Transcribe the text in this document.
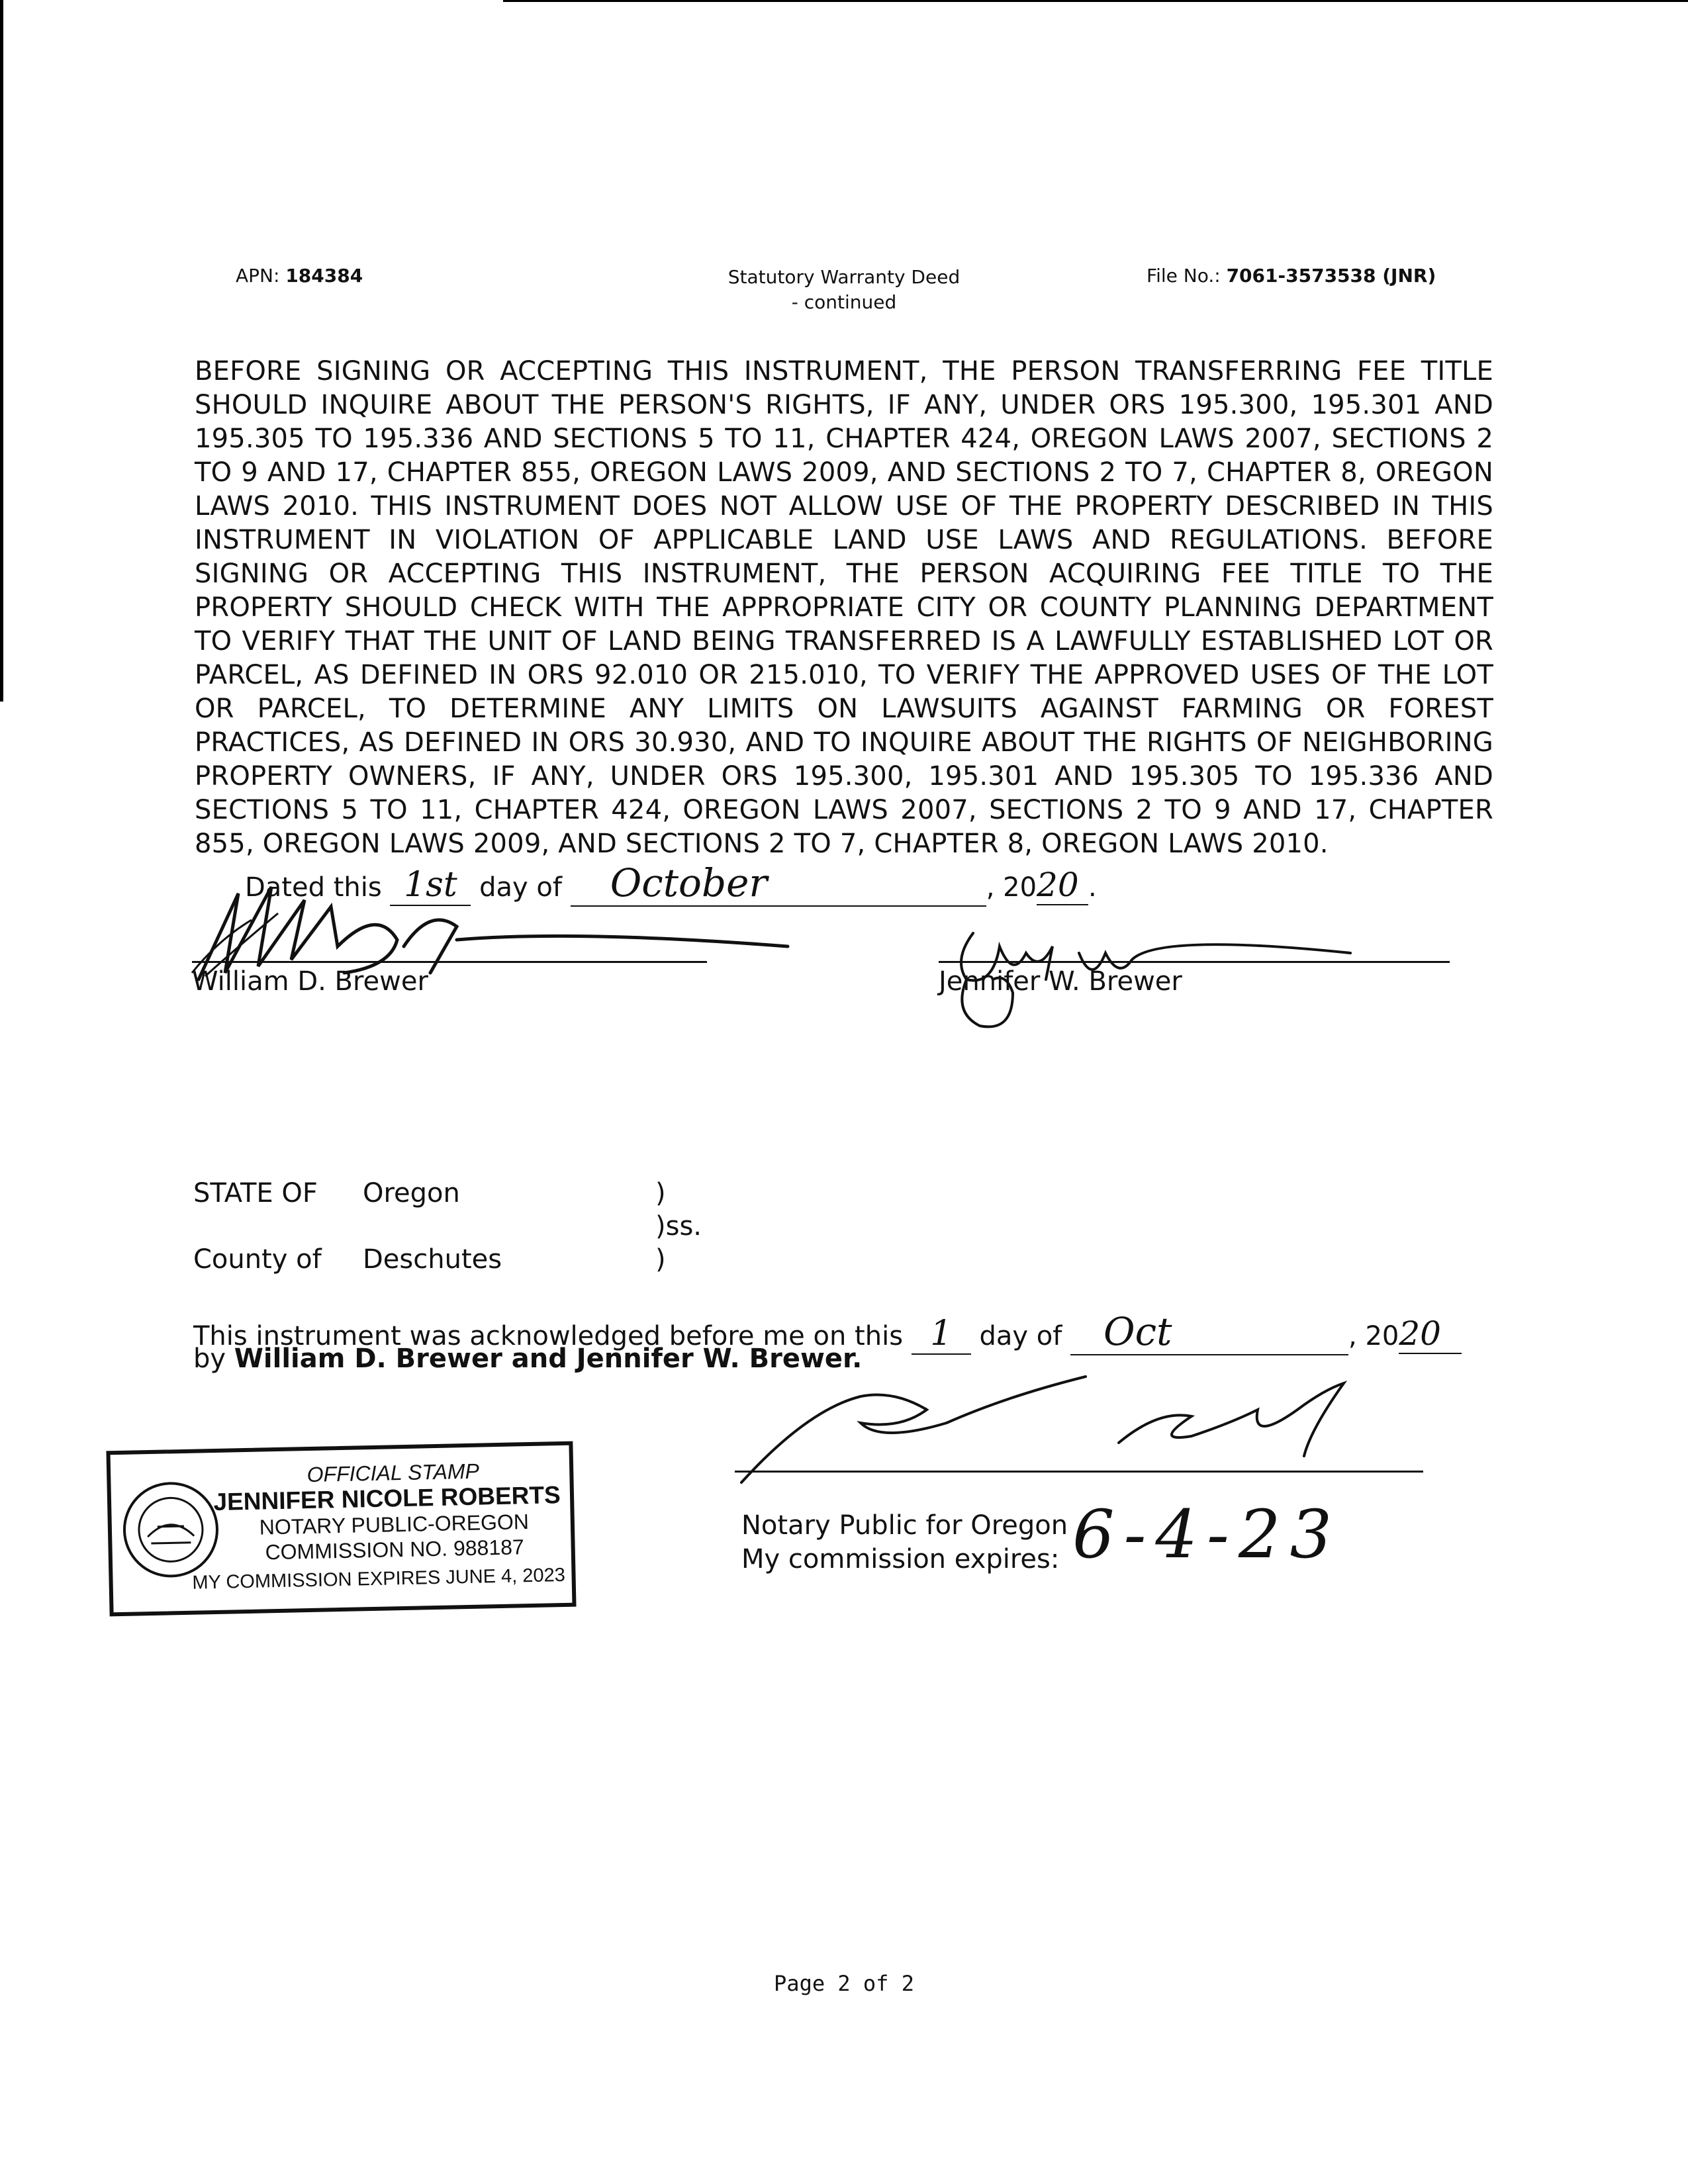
APN: 184384	Statutory Warranty Deed
- continued
File No.: 7061-3573538 (JNR)
BEFORE SIGNING OR ACCEPTING THIS INSTRUMENT, THE PERSON TRANSFERRING FEE TITLE SHOULD INQUIRE ABOUT THE PERSON'S RIGHTS, IF ANY, UNDER ORS 195.300, 195.301 AND 195.305 TO 195.336 AND SECTIONS 5 TO 11, CHAPTER 424, OREGON LAWS 2007, SECTIONS 2 TO 9 AND 17, CHAPTER 855, OREGON LAWS 2009, AND SECTIONS 2 TO 7, CHAPTER 8, OREGON LAWS 2010. THIS INSTRUMENT DOES NOT ALLOW USE OF THE PROPERTY DESCRIBED IN THIS INSTRUMENT IN VIOLATION OF APPLICABLE LAND USE LAWS AND REGULATIONS. BEFORE SIGNING OR ACCEPTING THIS INSTRUMENT, THE PERSON ACQUIRING FEE TITLE TO THE PROPERTY SHOULD CHECK WITH THE APPROPRIATE CITY OR COUNTY PLANNING DEPARTMENT TO VERIFY THAT THE UNIT OF LAND BEING TRANSFERRED IS A LAWFULLY ESTABLISHED LOT OR PARCEL, AS DEFINED IN ORS 92.010 OR 215.010, TO VERIFY THE APPROVED USES OF THE LOT OR PARCEL, TO DETERMINE ANY LIMITS ON LAWSUITS AGAINST FARMING OR FOREST PRACTICES, AS DEFINED IN ORS 30.930, AND TO INQUIRE ABOUT THE RIGHTS OF NEIGHBORING PROPERTY OWNERS, IF ANY, UNDER ORS 195.300, 195.301 AND 195.305 TO 195.336 AND SECTIONS 5 TO 11, CHAPTER 424, OREGON LAWS 2007, SECTIONS 2 TO 9 AND 17, CHAPTER 855, OREGON LAWS 2009, AND SECTIONS 2 TO 7, CHAPTER 8, OREGON LAWS 2010.
Dated this 1st day of October	, 2020 .
William D. Brewer	Jennifer W. Brewer
STATE OF Oregon	)
)ss.
County of Deschutes	)
This instrument was acknowledged before me on this 1 day of Oct	, 2020
by William D. Brewer and Jennifer W. Brewer.
Notary Public for Oregon
My commission expires: 6-4-23
OFFICIAL STAMP
JENNIFER NICOLE ROBERTS
NOTARY PUBLIC-OREGON
COMMISSION NO. 988187
MY COMMISSION EXPIRES JUNE 4, 2023
Page 2 of 2
